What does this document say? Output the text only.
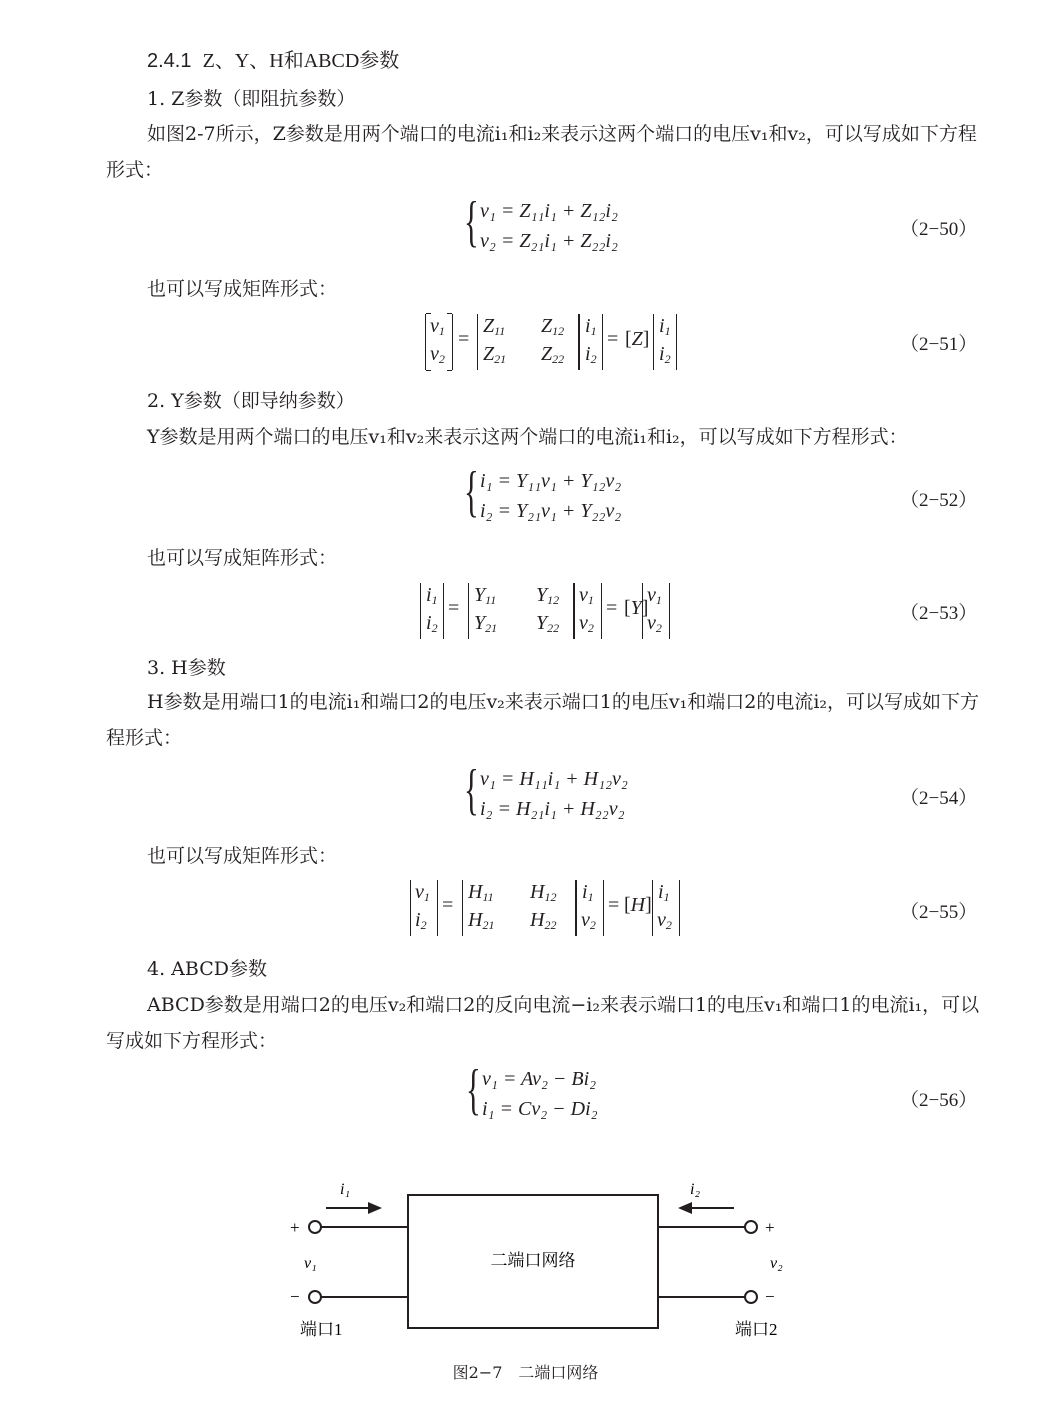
2.4.1 Z、Y、H和ABCD参数
1. Z参数（即阻抗参数）

如图2-7所示，Z参数是用两个端口的电流i₁和i₂来表示这两个端口的电压v₁和v₂，可以写成如下方程形式：

{ v₁ = Z₁₁i₁ + Z₁₂i₂
v₂ = Z₂₁i₁ + Z₂₂i₂
（2−50）
也可以写成矩阵形式：
$v_1$
$v_2$
=
$Z_{11}$ $Z_{12}$
$Z_{21}$ $Z_{22}$
$i_1$
$i_2$
= [Z]
$i_1$
$i_2$
（2−51）
2. Y参数（即导纳参数）

Y参数是用两个端口的电压v₁和v₂来表示这两个端口的电流i₁和i₂，可以写成如下方程形式：

{ i₁ = Y₁₁v₁ + Y₁₂v₂
i₂ = Y₂₁v₁ + Y₂₂v₂	（2−52）
也可以写成矩阵形式：
$i_1$
$i_2$
=
$Y_{11}$ $Y_{12}$
$Y_{21}$ $Y_{22}$
$v_1$
$v_2$
= [Y]
$v_1$
$v_2$
（2−53）
3. H参数

H参数是用端口1的电流i₁和端口2的电压v₂来表示端口1的电压v₁和端口2的电流i₂，可以写成如下方程形式：

{ v₁ = H₁₁i₁ + H₁₂v₂
i₂ = H₂₁i₁ + H₂₂v₂	（2−54）
也可以写成矩阵形式：
$v_1$
$i_2$
=
$H_{11}$ $H_{12}$
$H_{21}$ $H_{22}$
$i_1$
$v_2$
= [H]
$i_1$
$v_2$
（2−55）
4. ABCD参数

ABCD参数是用端口2的电压v₂和端口2的反向电流−i₂来表示端口1的电压v₁和端口1的电流i₁，可以写成如下方程形式：

{ v₁ = Av₂ − Bi₂
i₁ = Cv₂ − Di₂	（2−56）
i₁	i₂
+
−
+
−
v₁	v₂
二端口网络
端口1	端口2
图2−7　二端口网络
